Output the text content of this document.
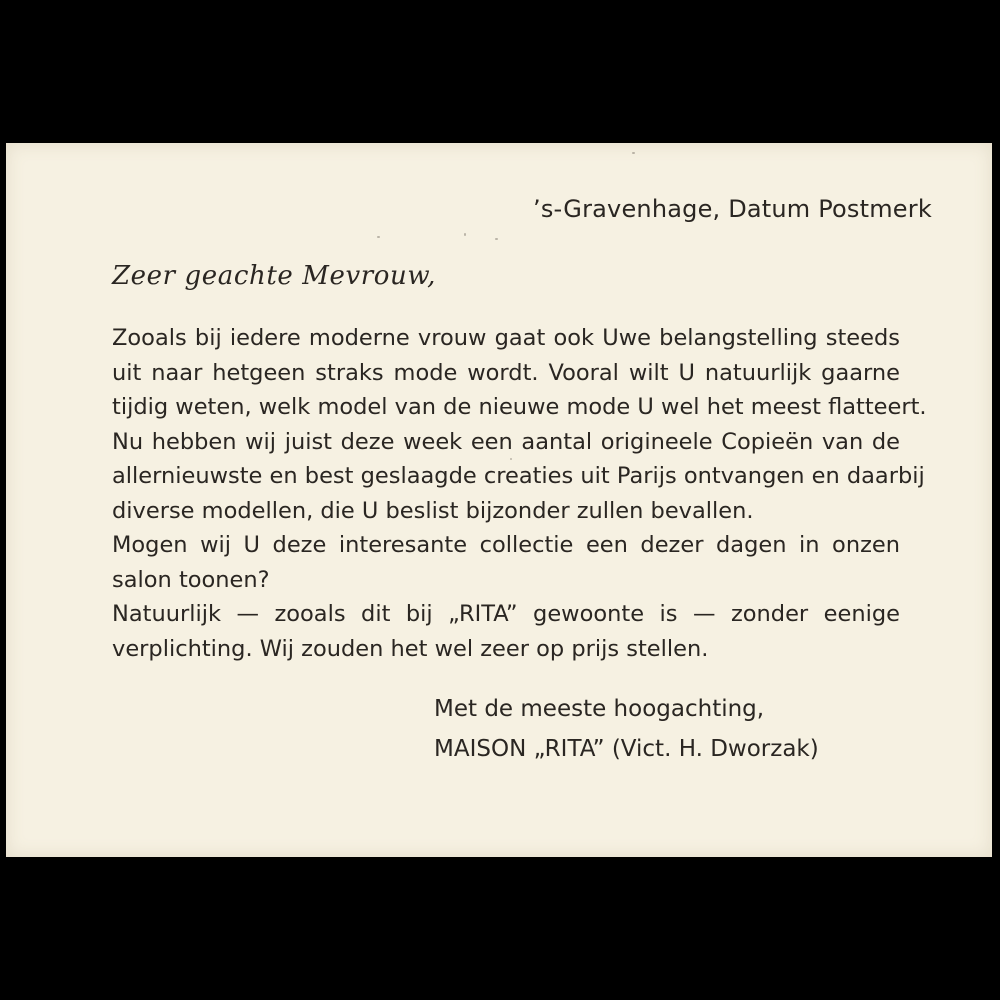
’s-Gravenhage, Datum Postmerk
Zeer geachte Mevrouw,
Zooals bij iedere moderne vrouw gaat ook Uwe belangstelling steeds
uit naar hetgeen straks mode wordt. Vooral wilt U natuurlijk gaarne
tijdig weten, welk model van de nieuwe mode U wel het meest flatteert.
Nu hebben wij juist deze week een aantal origineele Copieën van de
allernieuwste en best geslaagde creaties uit Parijs ontvangen en daarbij
diverse modellen, die U beslist bijzonder zullen bevallen.
Mogen wij U deze interesante collectie een dezer dagen in onzen
salon toonen?
Natuurlijk — zooals dit bij „RITA” gewoonte is — zonder eenige
verplichting. Wij zouden het wel zeer op prijs stellen.
Met de meeste hoogachting,
MAISON „RITA” (Vict. H. Dworzak)
